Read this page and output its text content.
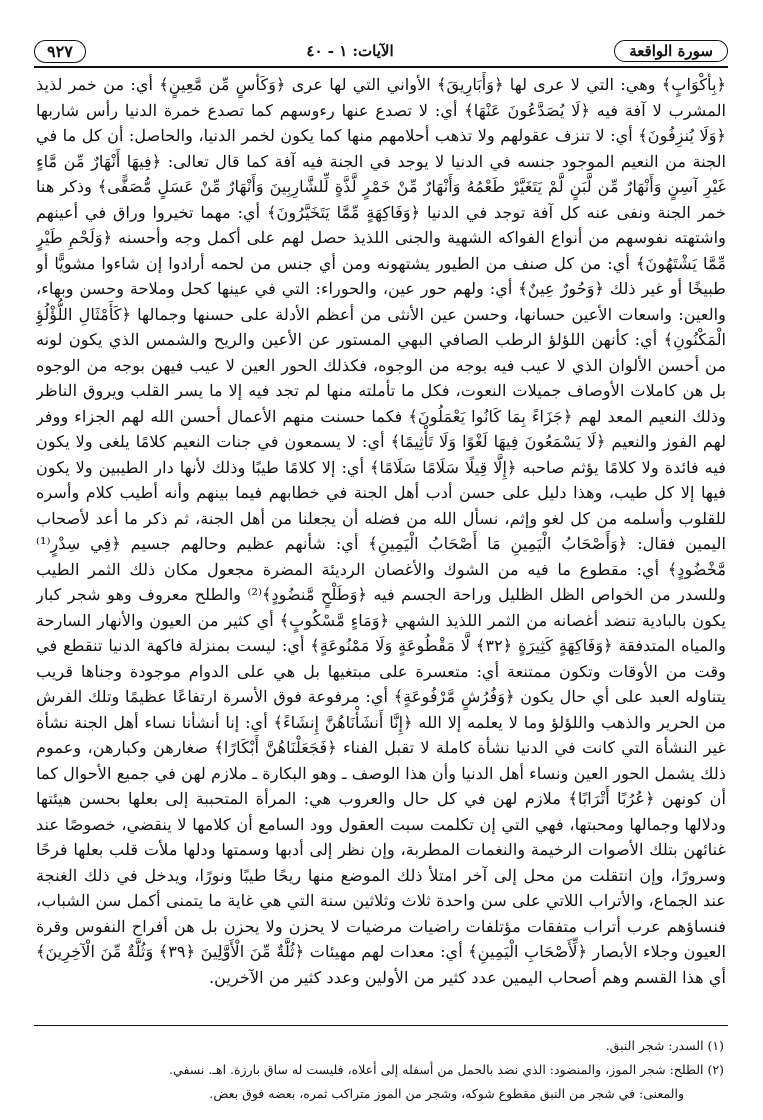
سورة الواقعة
الآيات: ١ - ٤٠
٩٢٧

﴿بِأَكْوَابٍ﴾ وهي: التي لا عرى لها ﴿وَأَبَارِيقَ﴾ الأواني التي لها عرى ﴿وَكَأْسٍ مِّن مَّعِينٍ﴾ أي: من خمر لذيذ المشرب لا آفة فيه ﴿لَا يُصَدَّعُونَ عَنْهَا﴾ أي: لا تصدع عنها رءوسهم كما تصدع خمرة الدنيا رأس شاربها ﴿وَلَا يُنزِفُونَ﴾ أي: لا تنزف عقولهم ولا تذهب أحلامهم منها كما يكون لخمر الدنيا، والحاصل: أن كل ما في الجنة من النعيم الموجود جنسه في الدنيا لا يوجد في الجنة فيه آفة كما قال تعالى: ﴿فِيهَا أَنْهَارٌ مِّن مَّاءٍ غَيْرِ آسِنٍ وَأَنْهَارٌ مِّن لَّبَنٍ لَّمْ يَتَغَيَّرْ طَعْمُهُ وَأَنْهَارٌ مِّنْ خَمْرٍ لَّذَّةٍ لِّلشَّارِبِينَ وَأَنْهَارٌ مِّنْ عَسَلٍ مُّصَفًّى﴾ وذكر هنا خمر الجنة ونفى عنه كل آفة توجد في الدنيا ﴿وَفَاكِهَةٍ مِّمَّا يَتَخَيَّرُونَ﴾ أي: مهما تخيروا وراق في أعينهم واشتهته نفوسهم من أنواع الفواكه الشهية والجنى اللذيذ حصل لهم على أكمل وجه وأحسنه ﴿وَلَحْمِ طَيْرٍ مِّمَّا يَشْتَهُونَ﴾ أي: من كل صنف من الطيور يشتهونه ومن أي جنس من لحمه أرادوا إن شاءوا مشويًّا أو طبيخًا أو غير ذلك ﴿وَحُورٌ عِينٌ﴾ أي: ولهم حور عين، والحوراء: التي في عينها كحل وملاحة وحسن وبهاء، والعين: واسعات الأعين حسانها، وحسن عين الأنثى من أعظم الأدلة على حسنها وجمالها ﴿كَأَمْثَالِ اللُّؤْلُؤِ الْمَكْنُونِ﴾ أي: كأنهن اللؤلؤ الرطب الصافي البهي المستور عن الأعين والريح والشمس الذي يكون لونه من أحسن الألوان الذي لا عيب فيه بوجه من الوجوه، فكذلك الحور العين لا عيب فيهن بوجه من الوجوه بل هن كاملات الأوصاف جميلات النعوت، فكل ما تأملته منها لم تجد فيه إلا ما يسر القلب ويروق الناظر وذلك النعيم المعد لهم ﴿جَزَاءً بِمَا كَانُوا يَعْمَلُونَ﴾ فكما حسنت منهم الأعمال أحسن الله لهم الجزاء ووفر لهم الفوز والنعيم ﴿لَا يَسْمَعُونَ فِيهَا لَغْوًا وَلَا تَأْثِيمًا﴾ أي: لا يسمعون في جنات النعيم كلامًا يلغى ولا يكون فيه فائدة ولا كلامًا يؤثم صاحبه ﴿إِلَّا قِيلًا سَلَامًا سَلَامًا﴾ أي: إلا كلامًا طيبًا وذلك لأنها دار الطيبين ولا يكون فيها إلا كل طيب، وهذا دليل على حسن أدب أهل الجنة في خطابهم فيما بينهم وأنه أطيب كلام وأسره للقلوب وأسلمه من كل لغو وإثم، نسأل الله من فضله أن يجعلنا من أهل الجنة، ثم ذكر ما أعد لأصحاب اليمين فقال: ﴿وَأَصْحَابُ الْيَمِينِ مَا أَصْحَابُ الْيَمِينِ﴾ أي: شأنهم عظيم وحالهم جسيم ﴿فِي سِدْرٍ⁽¹⁾ مَّخْضُودٍ﴾ أي: مقطوع ما فيه من الشوك والأغصان الرديئة المضرة مجعول مكان ذلك الثمر الطيب وللسدر من الخواص الظل الظليل وراحة الجسم فيه ﴿وَطَلْحٍ مَّنضُودٍ﴾⁽²⁾ والطلح معروف وهو شجر كبار يكون بالبادية تنضد أغصانه من الثمر اللذيذ الشهي ﴿وَمَاءٍ مَّسْكُوبٍ﴾ أي كثير من العيون والأنهار السارحة والمياه المتدفقة ﴿وَفَاكِهَةٍ كَثِيرَةٍ ﴿٣٢﴾ لَّا مَقْطُوعَةٍ وَلَا مَمْنُوعَةٍ﴾ أي: ليست بمنزلة فاكهة الدنيا تنقطع في وقت من الأوقات وتكون ممتنعة أي: متعسرة على مبتغيها بل هي على الدوام موجودة وجناها قريب يتناوله العبد على أي حال يكون ﴿وَفُرُشٍ مَّرْفُوعَةٍ﴾ أي: مرفوعة فوق الأسرة ارتفاعًا عظيمًا وتلك الفرش من الحرير والذهب واللؤلؤ وما لا يعلمه إلا الله ﴿إِنَّا أَنشَأْنَاهُنَّ إِنشَاءً﴾ أي: إنا أنشأنا نساء أهل الجنة نشأة غير النشأة التي كانت في الدنيا نشأة كاملة لا تقبل الفناء ﴿فَجَعَلْنَاهُنَّ أَبْكَارًا﴾ صغارهن وكبارهن، وعموم ذلك يشمل الحور العين ونساء أهل الدنيا وأن هذا الوصف ـ وهو البكارة ـ ملازم لهن في جميع الأحوال كما أن كونهن ﴿عُرُبًا أَتْرَابًا﴾ ملازم لهن في كل حال والعروب هي: المرأة المتحببة إلى بعلها بحسن هيئتها ودلالها وجمالها ومحبتها، فهي التي إن تكلمت سبت العقول وود السامع أن كلامها لا ينقضي، خصوصًا عند غنائهن بتلك الأصوات الرخيمة والنغمات المطربة، وإن نظر إلى أدبها وسمتها ودلها ملأت قلب بعلها فرحًا وسرورًا، وإن انتقلت من محل إلى آخر امتلأ ذلك الموضع منها ريحًا طيبًا ونورًا، ويدخل في ذلك الغنجة عند الجماع، والأتراب اللاتي على سن واحدة ثلاث وثلاثين سنة التي هي غاية ما يتمنى أكمل سن الشباب، فنساؤهم عرب أتراب متفقات مؤتلفات راضيات مرضيات لا يحزن ولا يحزن بل هن أفراح النفوس وقرة العيون وجلاء الأبصار ﴿لِّأَصْحَابِ الْيَمِينِ﴾ أي: معدات لهم مهيئات ﴿ثُلَّةٌ مِّنَ الْأَوَّلِينَ ﴿٣٩﴾ وَثُلَّةٌ مِّنَ الْآخِرِينَ﴾ أي هذا القسم وهم أصحاب اليمين عدد كثير من الأولين وعدد كثير من الآخرين.

(١) السدر: شجر النبق.

(٢) الطلح: شجر الموز، والمنضود: الذي نضد بالحمل من أسفله إلى أعلاه، فليست له ساق بارزة. اهـ. نسفي.

والمعنى: في شجر من النبق مقطوع شوكه، وشجر من الموز متراكب ثمره، بعضه فوق بعض.
